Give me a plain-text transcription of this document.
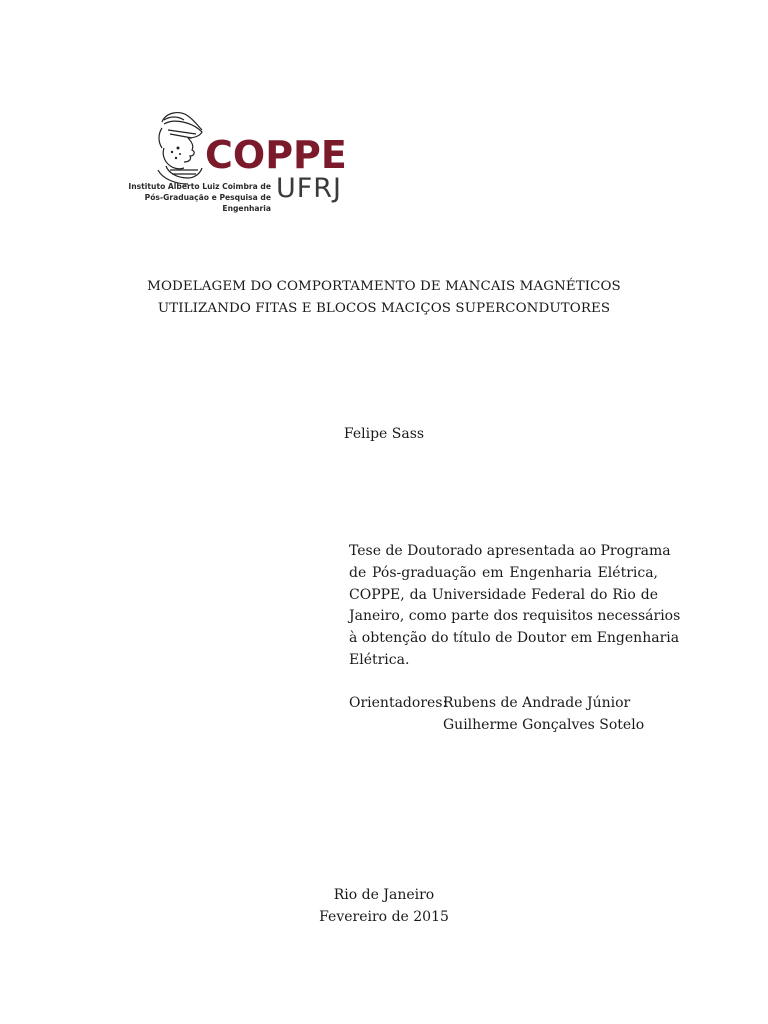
COPPE
UFRJ
Instituto Alberto Luiz Coimbra de
Pós-Graduação e Pesquisa de Engenharia
MODELAGEM DO COMPORTAMENTO DE MANCAIS MAGNÉTICOS
UTILIZANDO FITAS E BLOCOS MACIÇOS SUPERCONDUTORES
Felipe Sass
Tese de Doutorado apresentada ao Programa
de Pós-graduação em Engenharia Elétrica,
COPPE, da Universidade Federal do Rio de
Janeiro, como parte dos requisitos necessários
à obtenção do título de Doutor em Engenharia
Elétrica.
Orientadores:
Rubens de Andrade Júnior
Guilherme Gonçalves Sotelo
Rio de Janeiro
Fevereiro de 2015
